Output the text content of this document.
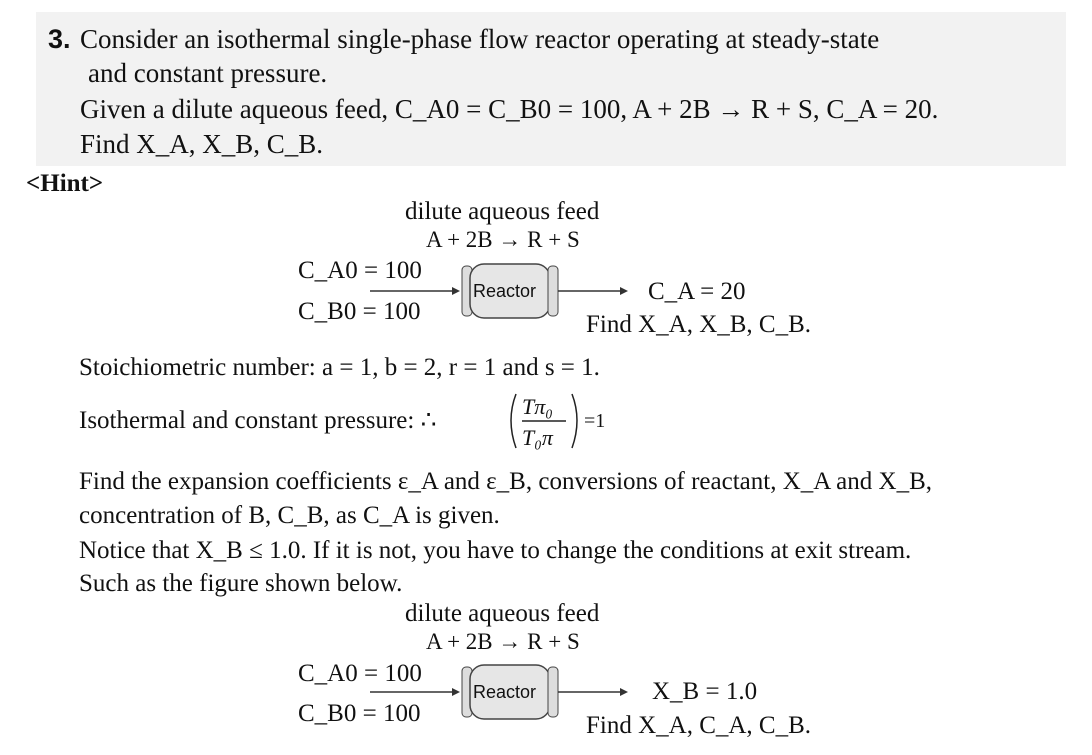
3. Consider an isothermal single-phase flow reactor operating at steady-state
and constant pressure.
Given a dilute aqueous feed, C_A0 = C_B0 = 100, A + 2B → R + S, C_A = 20.
Find X_A, X_B, C_B.
<Hint>
dilute aqueous feed
A + 2B → R + S
C_A0 = 100
C_B0 = 100
Reactor	C_A = 20
Find X_A, X_B, C_B.
Stoichiometric number: a = 1, b = 2, r = 1 and s = 1.
Isothermal and constant pressure: ∴
Tπ₀
T₀π
=1
Find the expansion coefficients ε_A and ε_B, conversions of reactant, X_A and X_B,
concentration of B, C_B, as C_A is given.
Notice that X_B ≤ 1.0. If it is not, you have to change the conditions at exit stream.
Such as the figure shown below.
dilute aqueous feed
A + 2B → R + S
C_A0 = 100
C_B0 = 100
Reactor	X_B = 1.0
Find X_A, C_A, C_B.
